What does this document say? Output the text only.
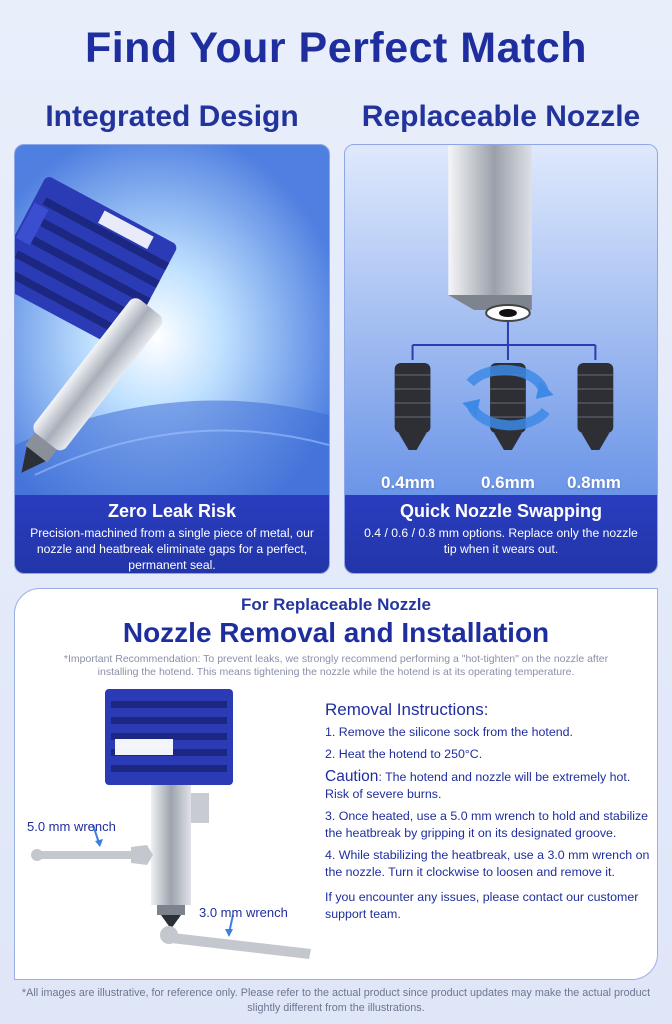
Find Your Perfect Match
Integrated Design	Replaceable Nozzle
Zero Leak Risk
Precision-machined from a single piece of metal, our nozzle and heatbreak eliminate gaps for a perfect, permanent seal.
0.4mm	0.6mm 0.8mm
Quick Nozzle Swapping
0.4 / 0.6 / 0.8 mm options. Replace only the nozzle tip when it wears out.
For Replaceable Nozzle
Nozzle Removal and Installation
*Important Recommendation: To prevent leaks, we strongly recommend performing a "hot-tighten" on the nozzle after installing the hotend. This means tightening the nozzle while the hotend is at its operating temperature.
5.0 mm wrench
3.0 mm wrench
Removal Instructions:

1. Remove the silicone sock from the hotend.

2. Heat the hotend to 250°C.

Caution: The hotend and nozzle will be extremely hot. Risk of severe burns.

3. Once heated, use a 5.0 mm wrench to hold and stabilize the heatbreak by gripping it on its designated groove.

4. While stabilizing the heatbreak, use a 3.0 mm wrench on the nozzle. Turn it clockwise to loosen and remove it.

If you encounter any issues, please contact our customer support team.

*All images are illustrative, for reference only. Please refer to the actual product since product updates may make the actual product slightly different from the illustrations.
